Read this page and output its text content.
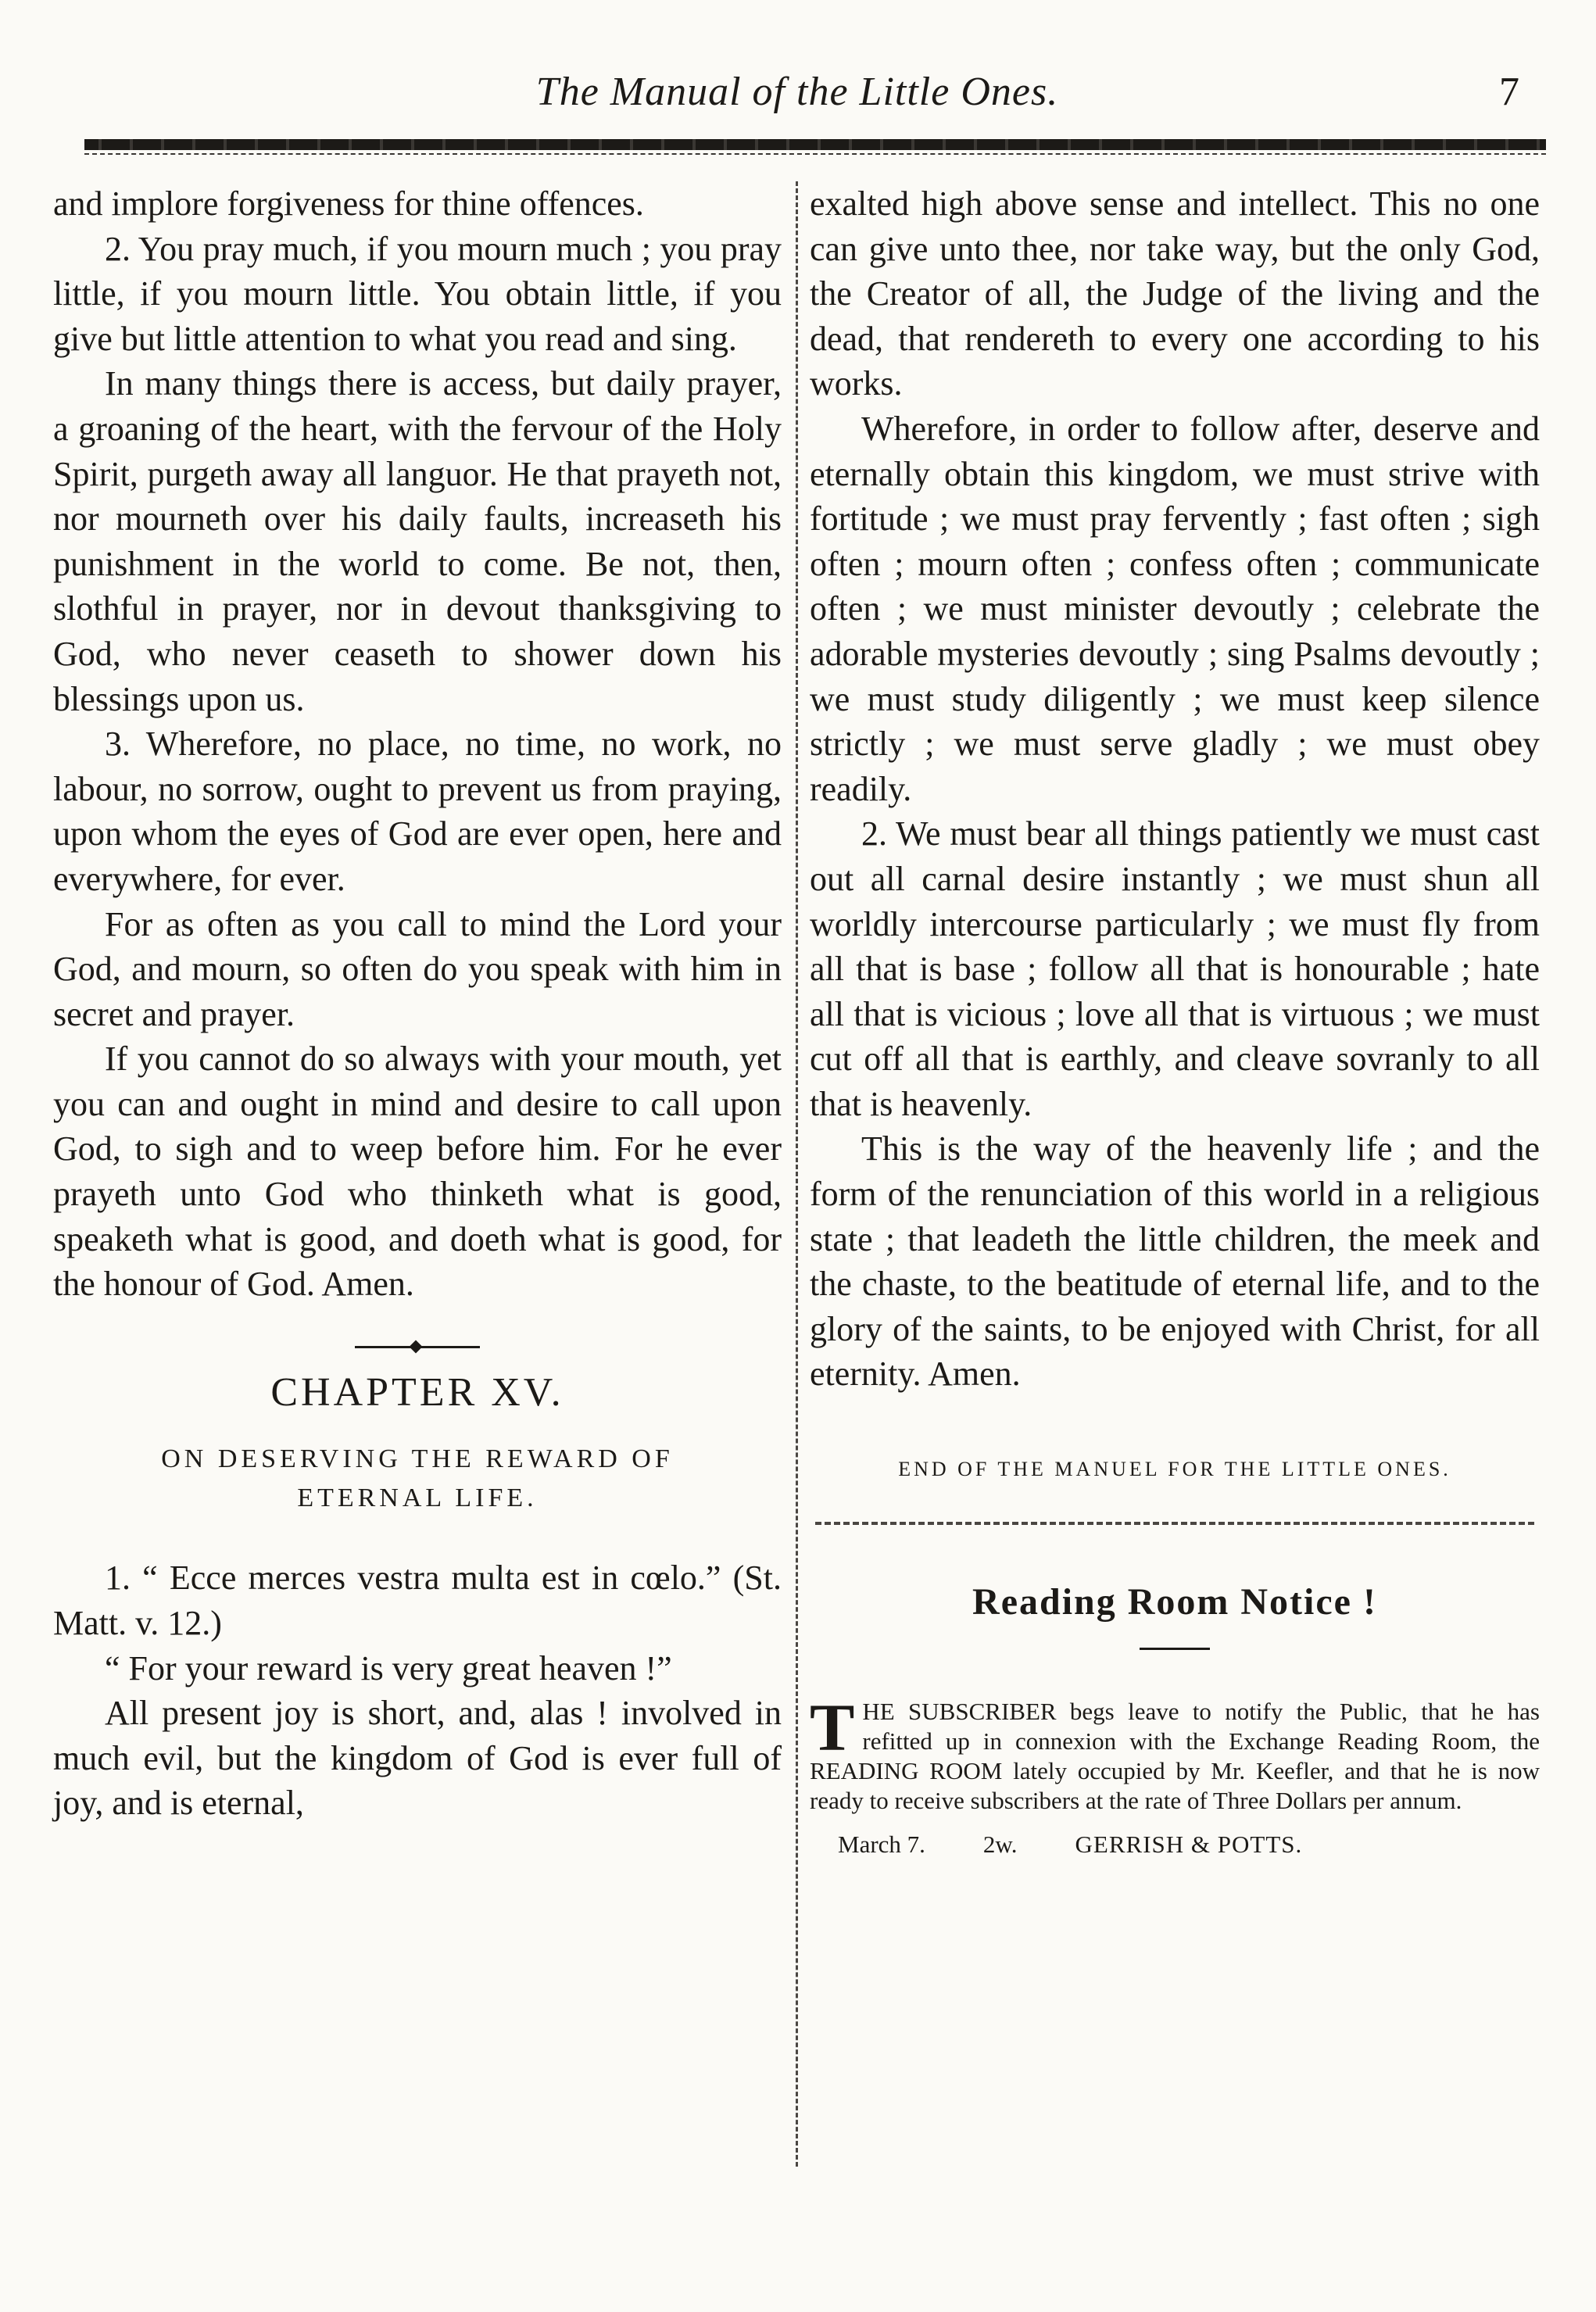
The Manual of the Little Ones.	7

and implore forgiveness for thine offences.

2. You pray much, if you mourn much ; you pray little, if you mourn little. You obtain little, if you give but little attention to what you read and sing.

In many things there is access, but daily prayer, a groaning of the heart, with the fervour of the Holy Spirit, purgeth away all languor. He that prayeth not, nor mourneth over his daily faults, increaseth his punishment in the world to come. Be not, then, slothful in prayer, nor in devout thanksgiving to God, who never ceaseth to shower down his blessings upon us.

3. Wherefore, no place, no time, no work, no labour, no sorrow, ought to prevent us from praying, upon whom the eyes of God are ever open, here and everywhere, for ever.

For as often as you call to mind the Lord your God, and mourn, so often do you speak with him in secret and prayer.

If you cannot do so always with your mouth, yet you can and ought in mind and desire to call upon God, to sigh and to weep before him. For he ever prayeth unto God who thinketh what is good, speaketh what is good, and doeth what is good, for the honour of God. Amen.

CHAPTER XV.
ON DESERVING THE REWARD OF ETERNAL LIFE.

1. “ Ecce merces vestra multa est in cœlo.” (St. Matt. v. 12.)

“ For your reward is very great heaven !”

All present joy is short, and, alas ! involved in much evil, but the kingdom of God is ever full of joy, and is eternal,

exalted high above sense and intellect. This no one can give unto thee, nor take way, but the only God, the Creator of all, the Judge of the living and the dead, that rendereth to every one according to his works.

Wherefore, in order to follow after, deserve and eternally obtain this kingdom, we must strive with fortitude ; we must pray fervently ; fast often ; sigh often ; mourn often ; confess often ; communicate often ; we must minister devoutly ; celebrate the adorable mysteries devoutly ; sing Psalms devoutly ; we must study diligently ; we must keep silence strictly ; we must serve gladly ; we must obey readily.

2. We must bear all things patiently we must cast out all carnal desire instantly ; we must shun all worldly intercourse particularly ; we must fly from all that is base ; follow all that is honourable ; hate all that is vicious ; love all that is virtuous ; we must cut off all that is earthly, and cleave sovranly to all that is heavenly.

This is the way of the heavenly life ; and the form of the renunciation of this world in a religious state ; that leadeth the little children, the meek and the chaste, to the beatitude of eternal life, and to the glory of the saints, to be enjoyed with Christ, for all eternity. Amen.

END OF THE MANUEL FOR THE LITTLE ONES.
Reading Room Notice !
T HE SUBSCRIBER begs leave to notify the Public, that he has refitted up in connexion with the Exchange Reading Room, the READING ROOM lately occupied by Mr. Keefler, and that he is now ready to receive subscribers at the rate of Three Dollars per annum.
March 7. 2w. GERRISH & POTTS.
